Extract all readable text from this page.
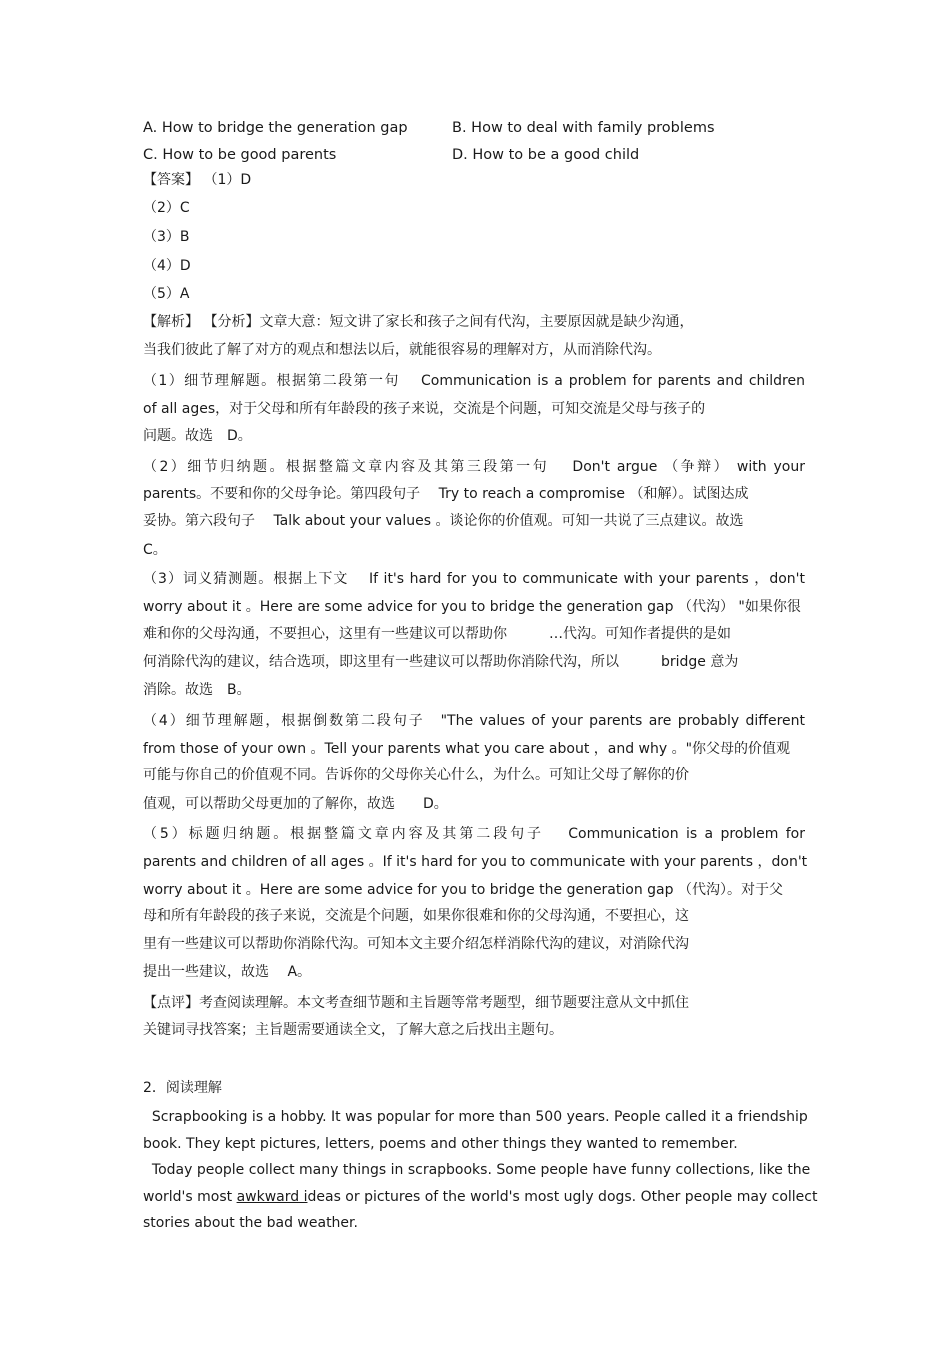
A. How to bridge the generation gap	B. How to deal with family problems
C. How to be good parents	D. How to be a good child
【答案】 （1）D
（2）C
（3）B
（4）D
（5）A
【解析】 【分析】文章大意：短文讲了家长和孩子之间有代沟，主要原因就是缺少沟通，
当我们彼此了解了对方的观点和想法以后，就能很容易的理解对方，从而消除代沟。
（1）细节理解题。根据第二段第一句　 Communication is a problem for parents and children
of all ages，对于父母和所有年龄段的孩子来说，交流是个问题，可知交流是父母与孩子的
问题。故选　D。
（2）细节归纳题。根据整篇文章内容及其第三段第一句　 Don't argue （争辩） with your
parents。不要和你的父母争论。第四段句子　 Try to reach a compromise （和解）。试图达成
妥协。第六段句子　 Talk about your values 。谈论你的价值观。可知一共说了三点建议。故选
C。
（3）词义猜测题。根据上下文　 If it's hard for you to communicate with your parents ，don't
worry about it 。Here are some advice for you to bridge the generation gap （代沟） "如果你很
难和你的父母沟通，不要担心，这里有一些建议可以帮助你　　　…代沟。可知作者提供的是如
何消除代沟的建议，结合选项，即这里有一些建议可以帮助你消除代沟，所以　　　bridge 意为
消除。故选　B。
（4）细节理解题，根据倒数第二段句子　"The values of your parents are probably different
from those of your own 。Tell your parents what you care about ，and why 。"你父母的价值观
可能与你自己的价值观不同。告诉你的父母你关心什么，为什么。可知让父母了解你的价
值观，可以帮助父母更加的了解你，故选　　D。
（5）标题归纳题。根据整篇文章内容及其第二段句子　 Communication is a problem for
parents and children of all ages 。If it's hard for you to communicate with your parents ，don't
worry about it 。Here are some advice for you to bridge the generation gap （代沟）。对于父
母和所有年龄段的孩子来说，交流是个问题，如果你很难和你的父母沟通，不要担心，这
里有一些建议可以帮助你消除代沟。可知本文主要介绍怎样消除代沟的建议，对消除代沟
提出一些建议，故选　 A。
【点评】考查阅读理解。本文考查细节题和主旨题等常考题型，细节题要注意从文中抓住
关键词寻找答案；主旨题需要通读全文，了解大意之后找出主题句。
2．阅读理解
Scrapbooking is a hobby. It was popular for more than 500 years. People called it a friendship
book. They kept pictures, letters, poems and other things they wanted to remember.
Today people collect many things in scrapbooks. Some people have funny collections, like the
world's most awkward ideas or pictures of the world's most ugly dogs. Other people may collect
stories about the bad weather.
